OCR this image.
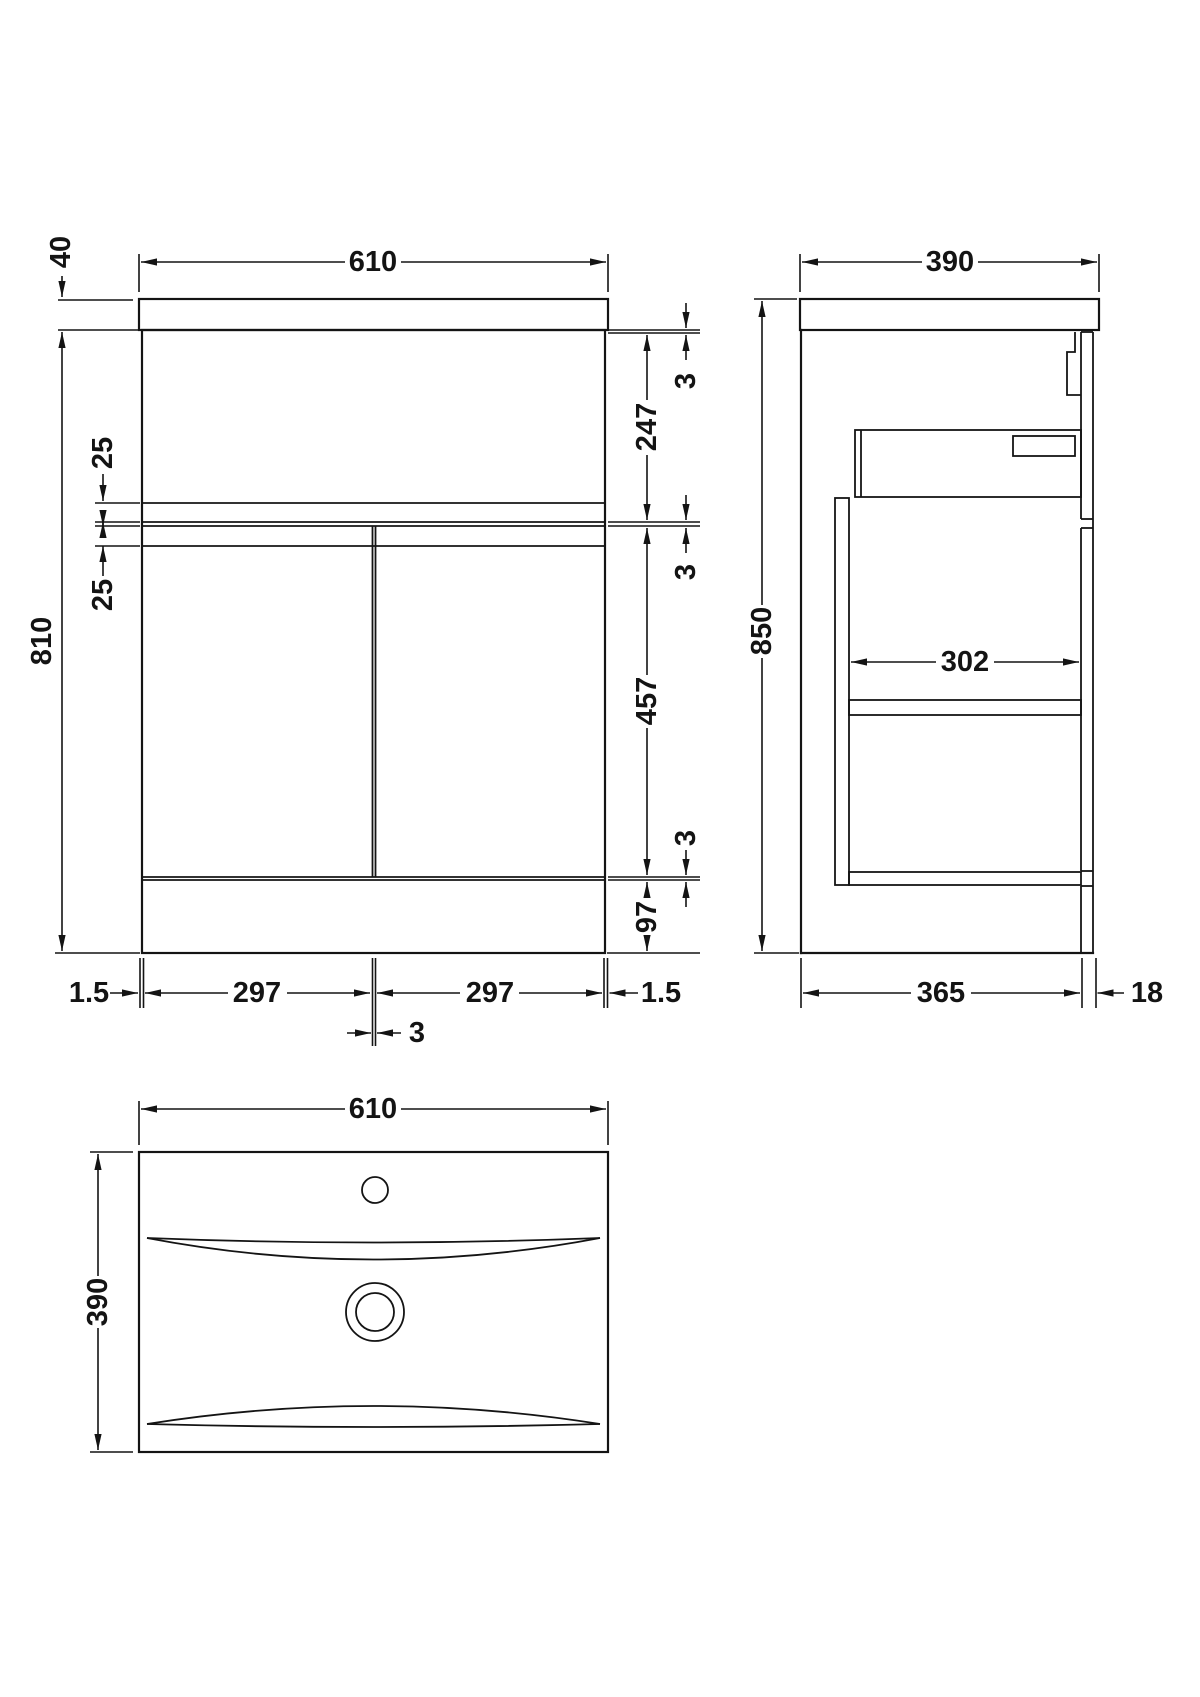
610
40
810
25
25
3
247
3
457
3
97
1.5	297	297	1.5
3
390
850
302
365	18
610
390
